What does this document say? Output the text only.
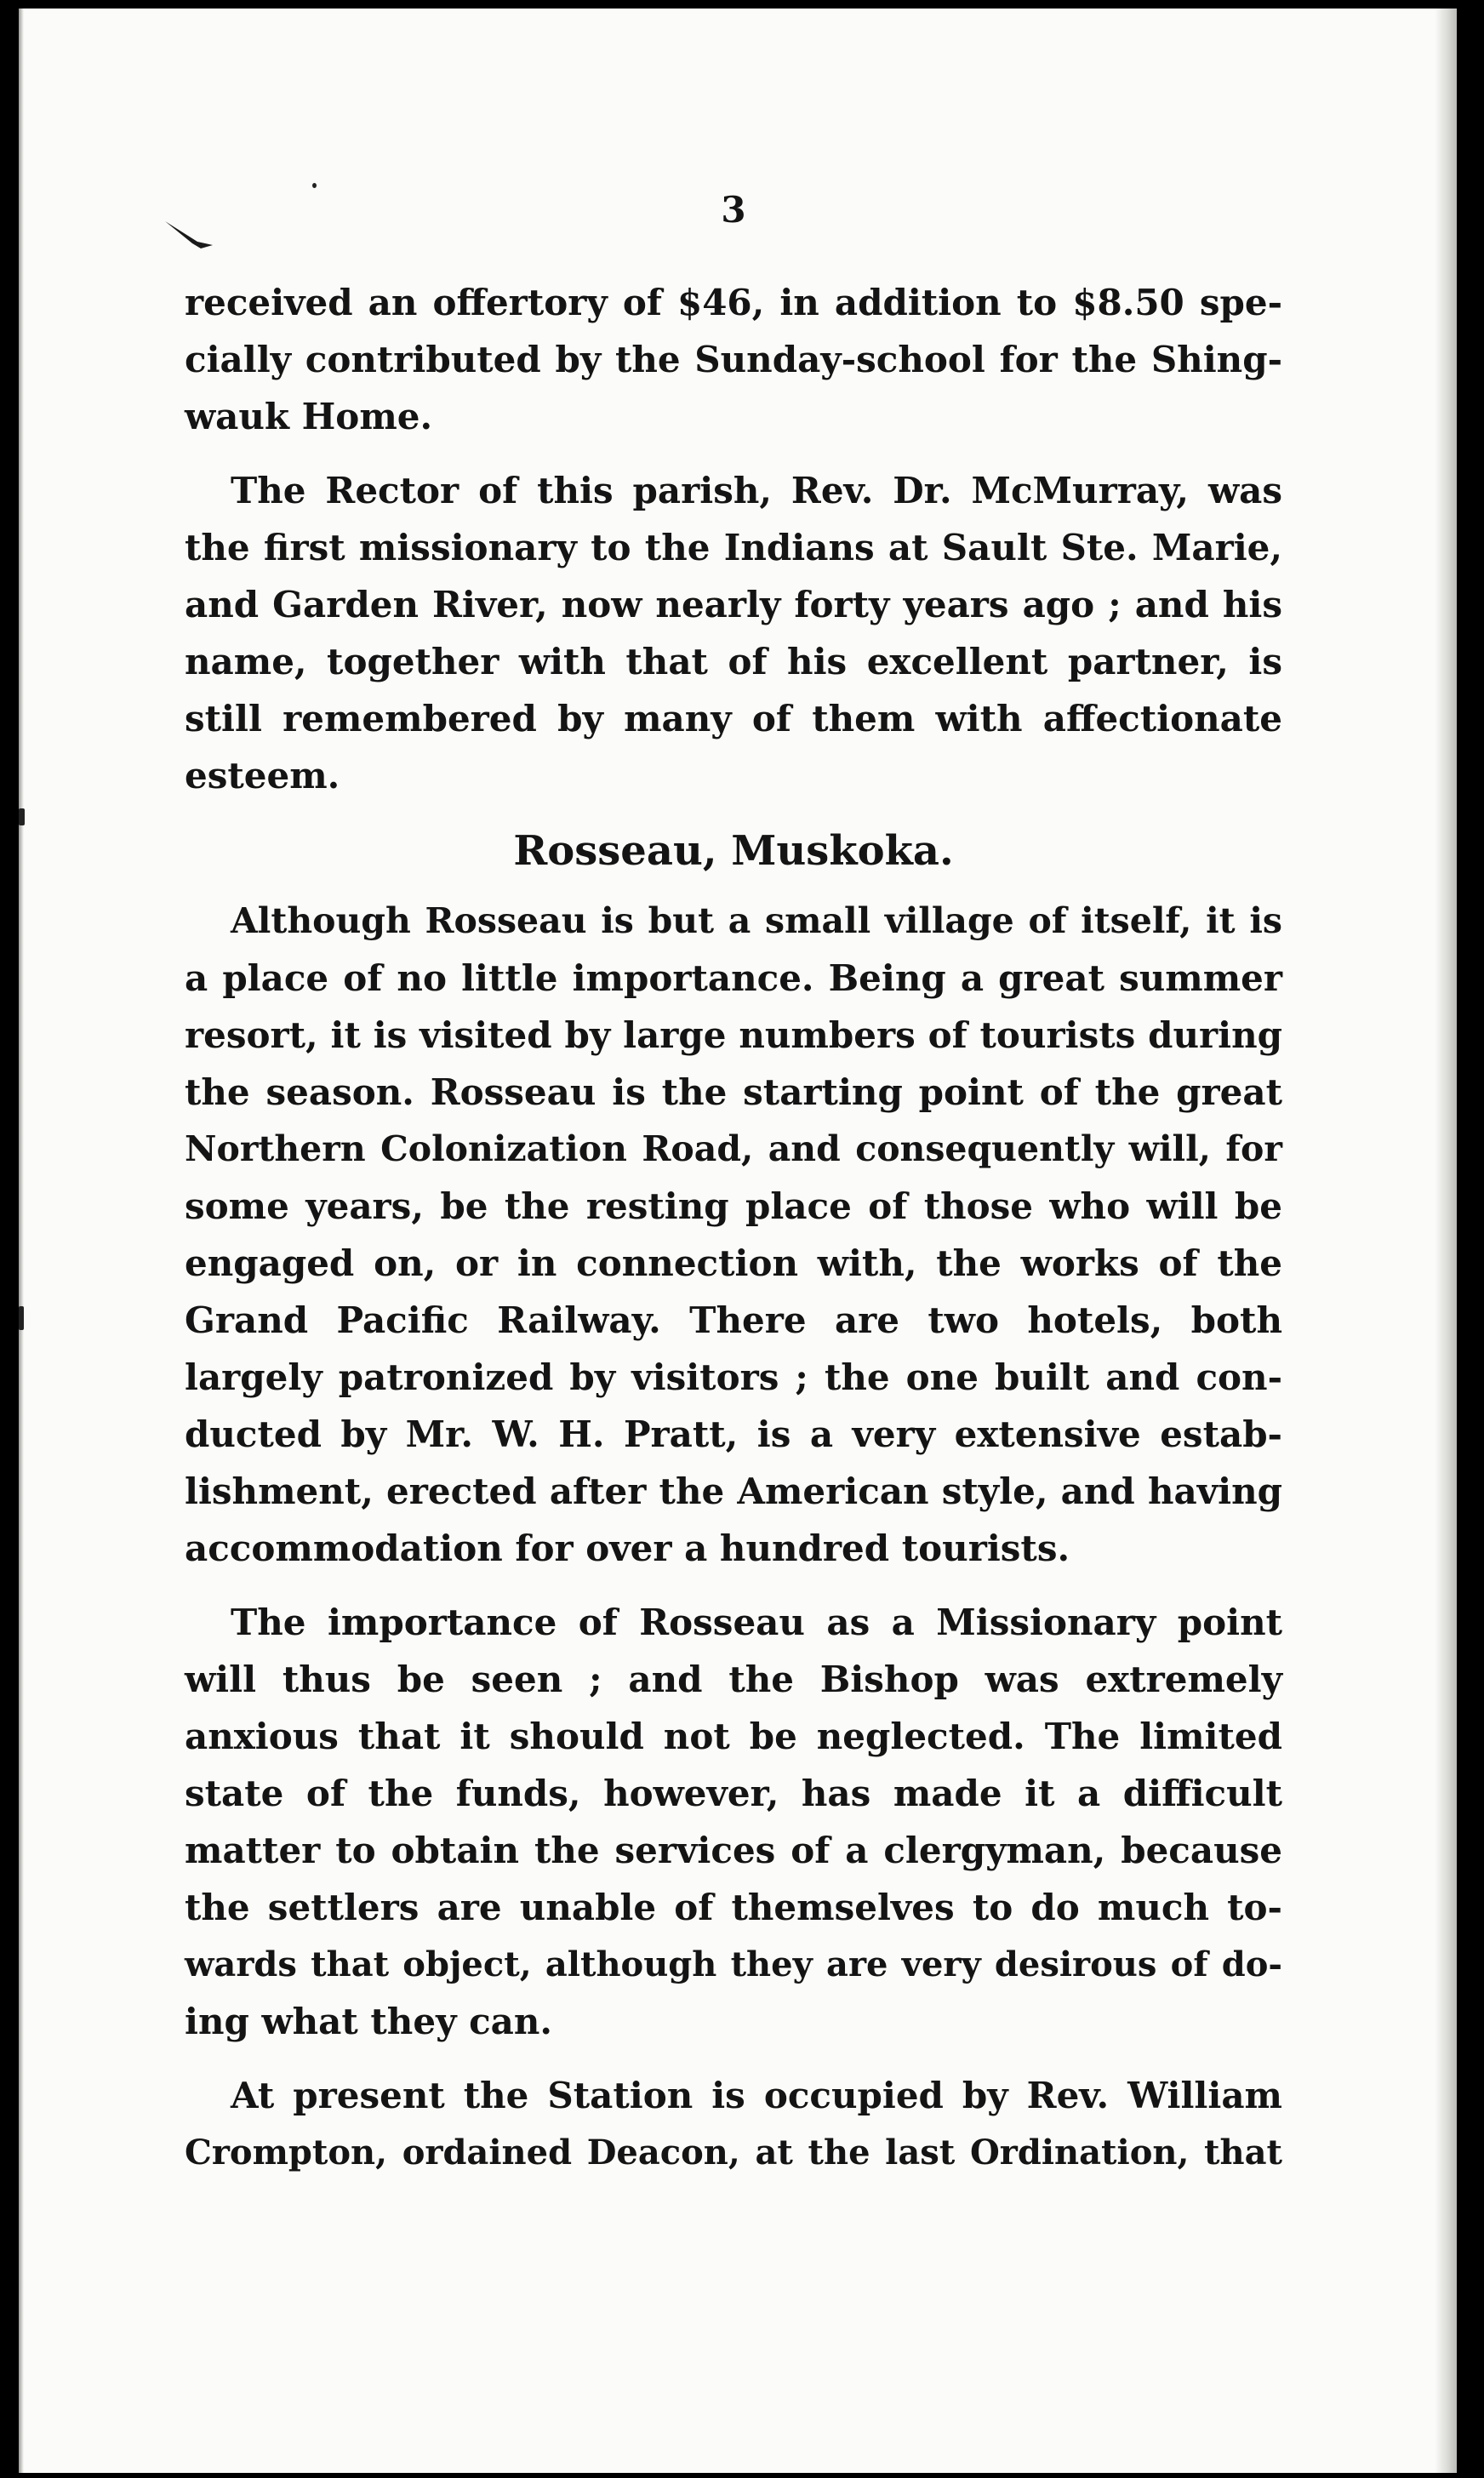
3
received an offertory of $46, in addition to $8.50 spe-
cially contributed by the Sunday-school for the Shing-
wauk Home.
The Rector of this parish, Rev. Dr. McMurray, was
the first missionary to the Indians at Sault Ste. Marie,
and Garden River, now nearly forty years ago ; and his
name, together with that of his excellent partner, is
still remembered by many of them with affectionate
esteem.
Rosseau, Muskoka.
Although Rosseau is but a small village of itself, it is
a place of no little importance. Being a great summer
resort, it is visited by large numbers of tourists during
the season. Rosseau is the starting point of the great
Northern Colonization Road, and consequently will, for
some years, be the resting place of those who will be
engaged on, or in connection with, the works of the
Grand Pacific Railway. There are two hotels, both
largely patronized by visitors ; the one built and con-
ducted by Mr. W. H. Pratt, is a very extensive estab-
lishment, erected after the American style, and having
accommodation for over a hundred tourists.
The importance of Rosseau as a Missionary point
will thus be seen ; and the Bishop was extremely
anxious that it should not be neglected. The limited
state of the funds, however, has made it a difficult
matter to obtain the services of a clergyman, because
the settlers are unable of themselves to do much to-
wards that object, although they are very desirous of do-
ing what they can.
At present the Station is occupied by Rev. William
Crompton, ordained Deacon, at the last Ordination, that
